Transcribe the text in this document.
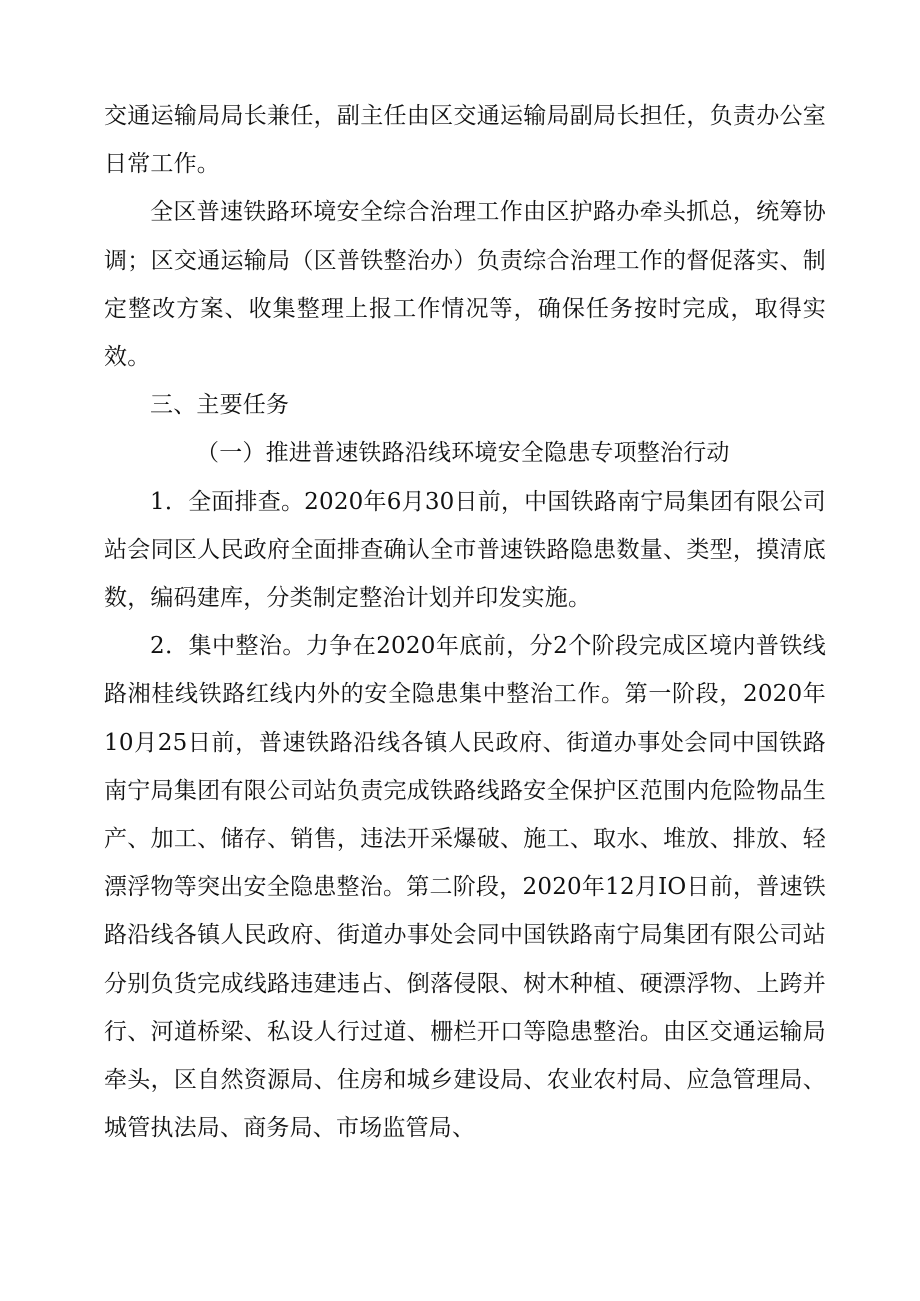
交通运输局局长兼任，副主任由区交通运输局副局长担任，负责办公室日常工作。

全区普速铁路环境安全综合治理工作由区护路办牵头抓总，统筹协调；区交通运输局（区普铁整治办）负责综合治理工作的督促落实、制定整改方案、收集整理上报工作情况等，确保任务按时完成，取得实效。

三、主要任务

（一）推进普速铁路沿线环境安全隐患专项整治行动

1．全面排查。2020年6月30日前，中国铁路南宁局集团有限公司站会同区人民政府全面排查确认全市普速铁路隐患数量、类型，摸清底数，编码建库，分类制定整治计划并印发实施。

2．集中整治。力争在2020年底前，分2个阶段完成区境内普铁线路湘桂线铁路红线内外的安全隐患集中整治工作。第一阶段，2020年10月25日前，普速铁路沿线各镇人民政府、街道办事处会同中国铁路南宁局集团有限公司站负责完成铁路线路安全保护区范围内危险物品生产、加工、储存、销售，违法开采爆破、施工、取水、堆放、排放、轻漂浮物等突出安全隐患整治。第二阶段，2020年12月IO日前，普速铁路沿线各镇人民政府、街道办事处会同中国铁路南宁局集团有限公司站分别负货完成线路违建违占、倒落侵限、树木种植、硬漂浮物、上跨并行、河道桥梁、私设人行过道、栅栏开口等隐患整治。由区交通运输局牵头，区自然资源局、住房和城乡建设局、农业农村局、应急管理局、城管执法局、商务局、市场监管局、
